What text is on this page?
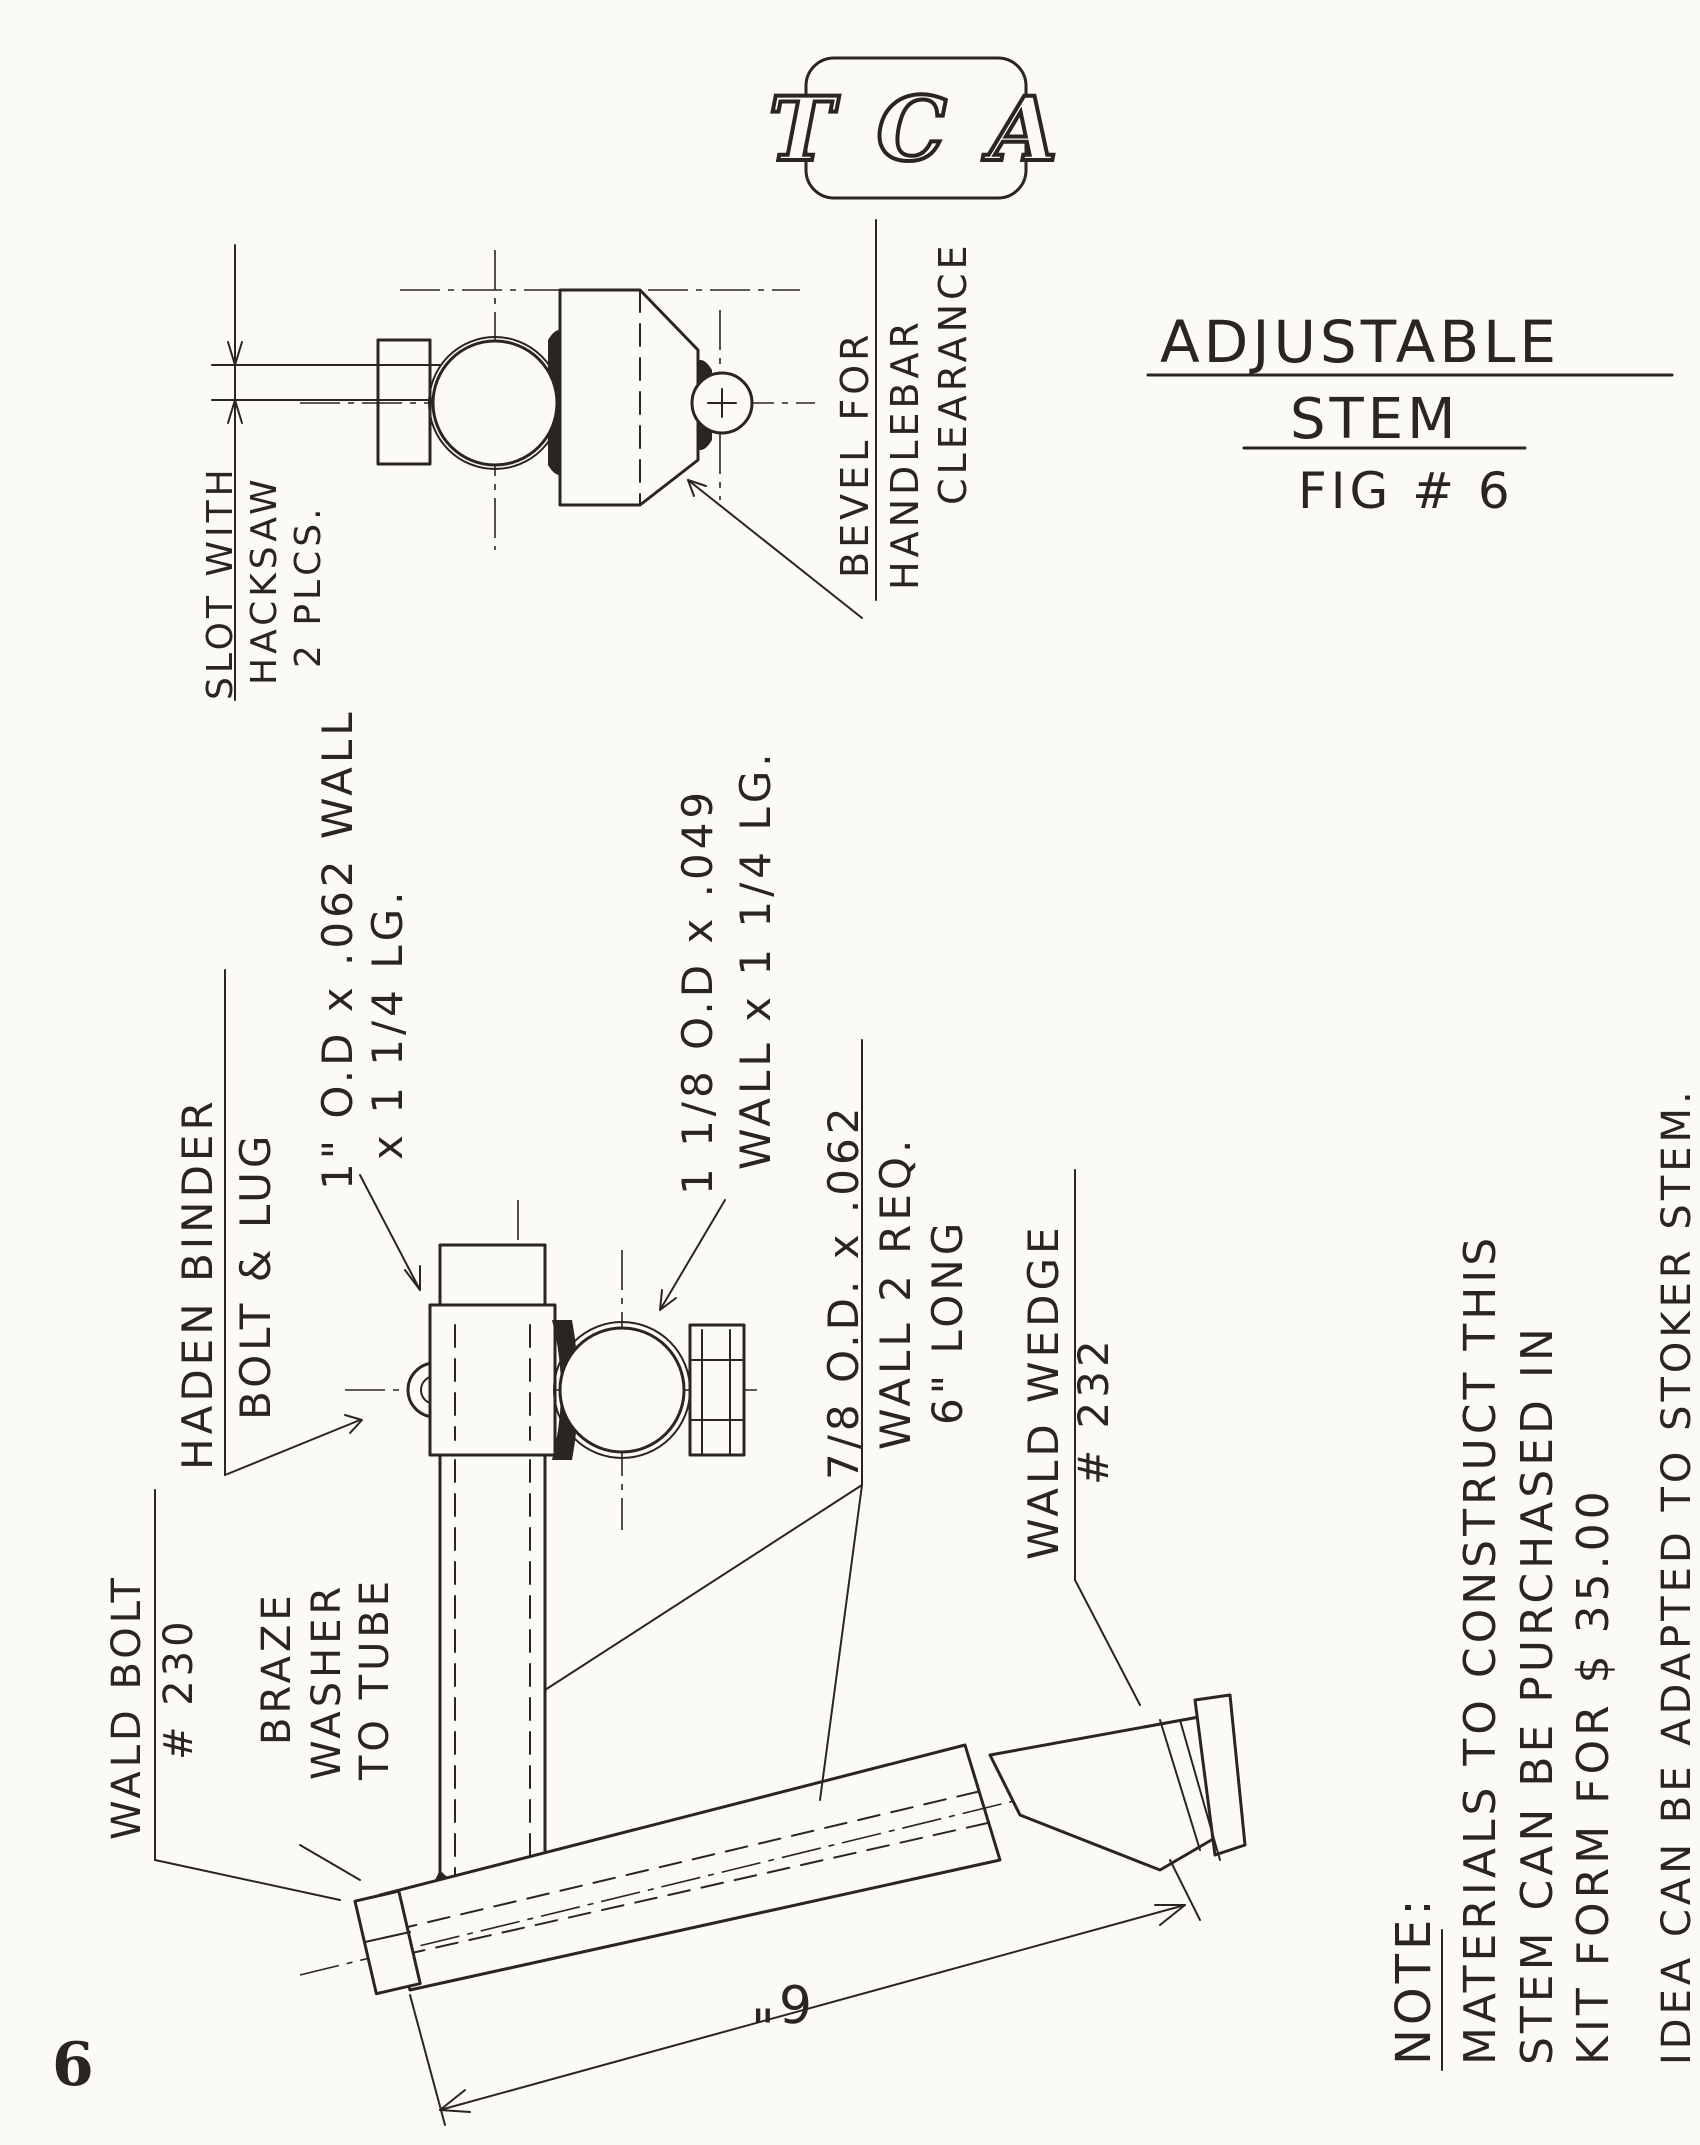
T C A
ADJUSTABLE
STEM
FIG # 6
SLOT WITH HACKSAW 2 PLCS.
BEVEL FOR HANDLEBAR CLEARANCE
6"
1" O.D x .062 WALL x 1 1/4 LG.	1 1/8 O.D x .049 WALL x 1 1/4 LG.
HADEN BINDER BOLT & LUG	7/8 O.D. x .062 WALL 2 REQ. 6" LONG WALD WEDGE # 232
WALD BOLT # 230 BRAZE WASHER TO TUBE
NOTE: MATERIALS TO CONSTRUCT THIS STEM CAN BE PURCHASED IN KIT FORM FOR $ 35.00 IDEA CAN BE ADAPTED TO STOKER STEM.
6
